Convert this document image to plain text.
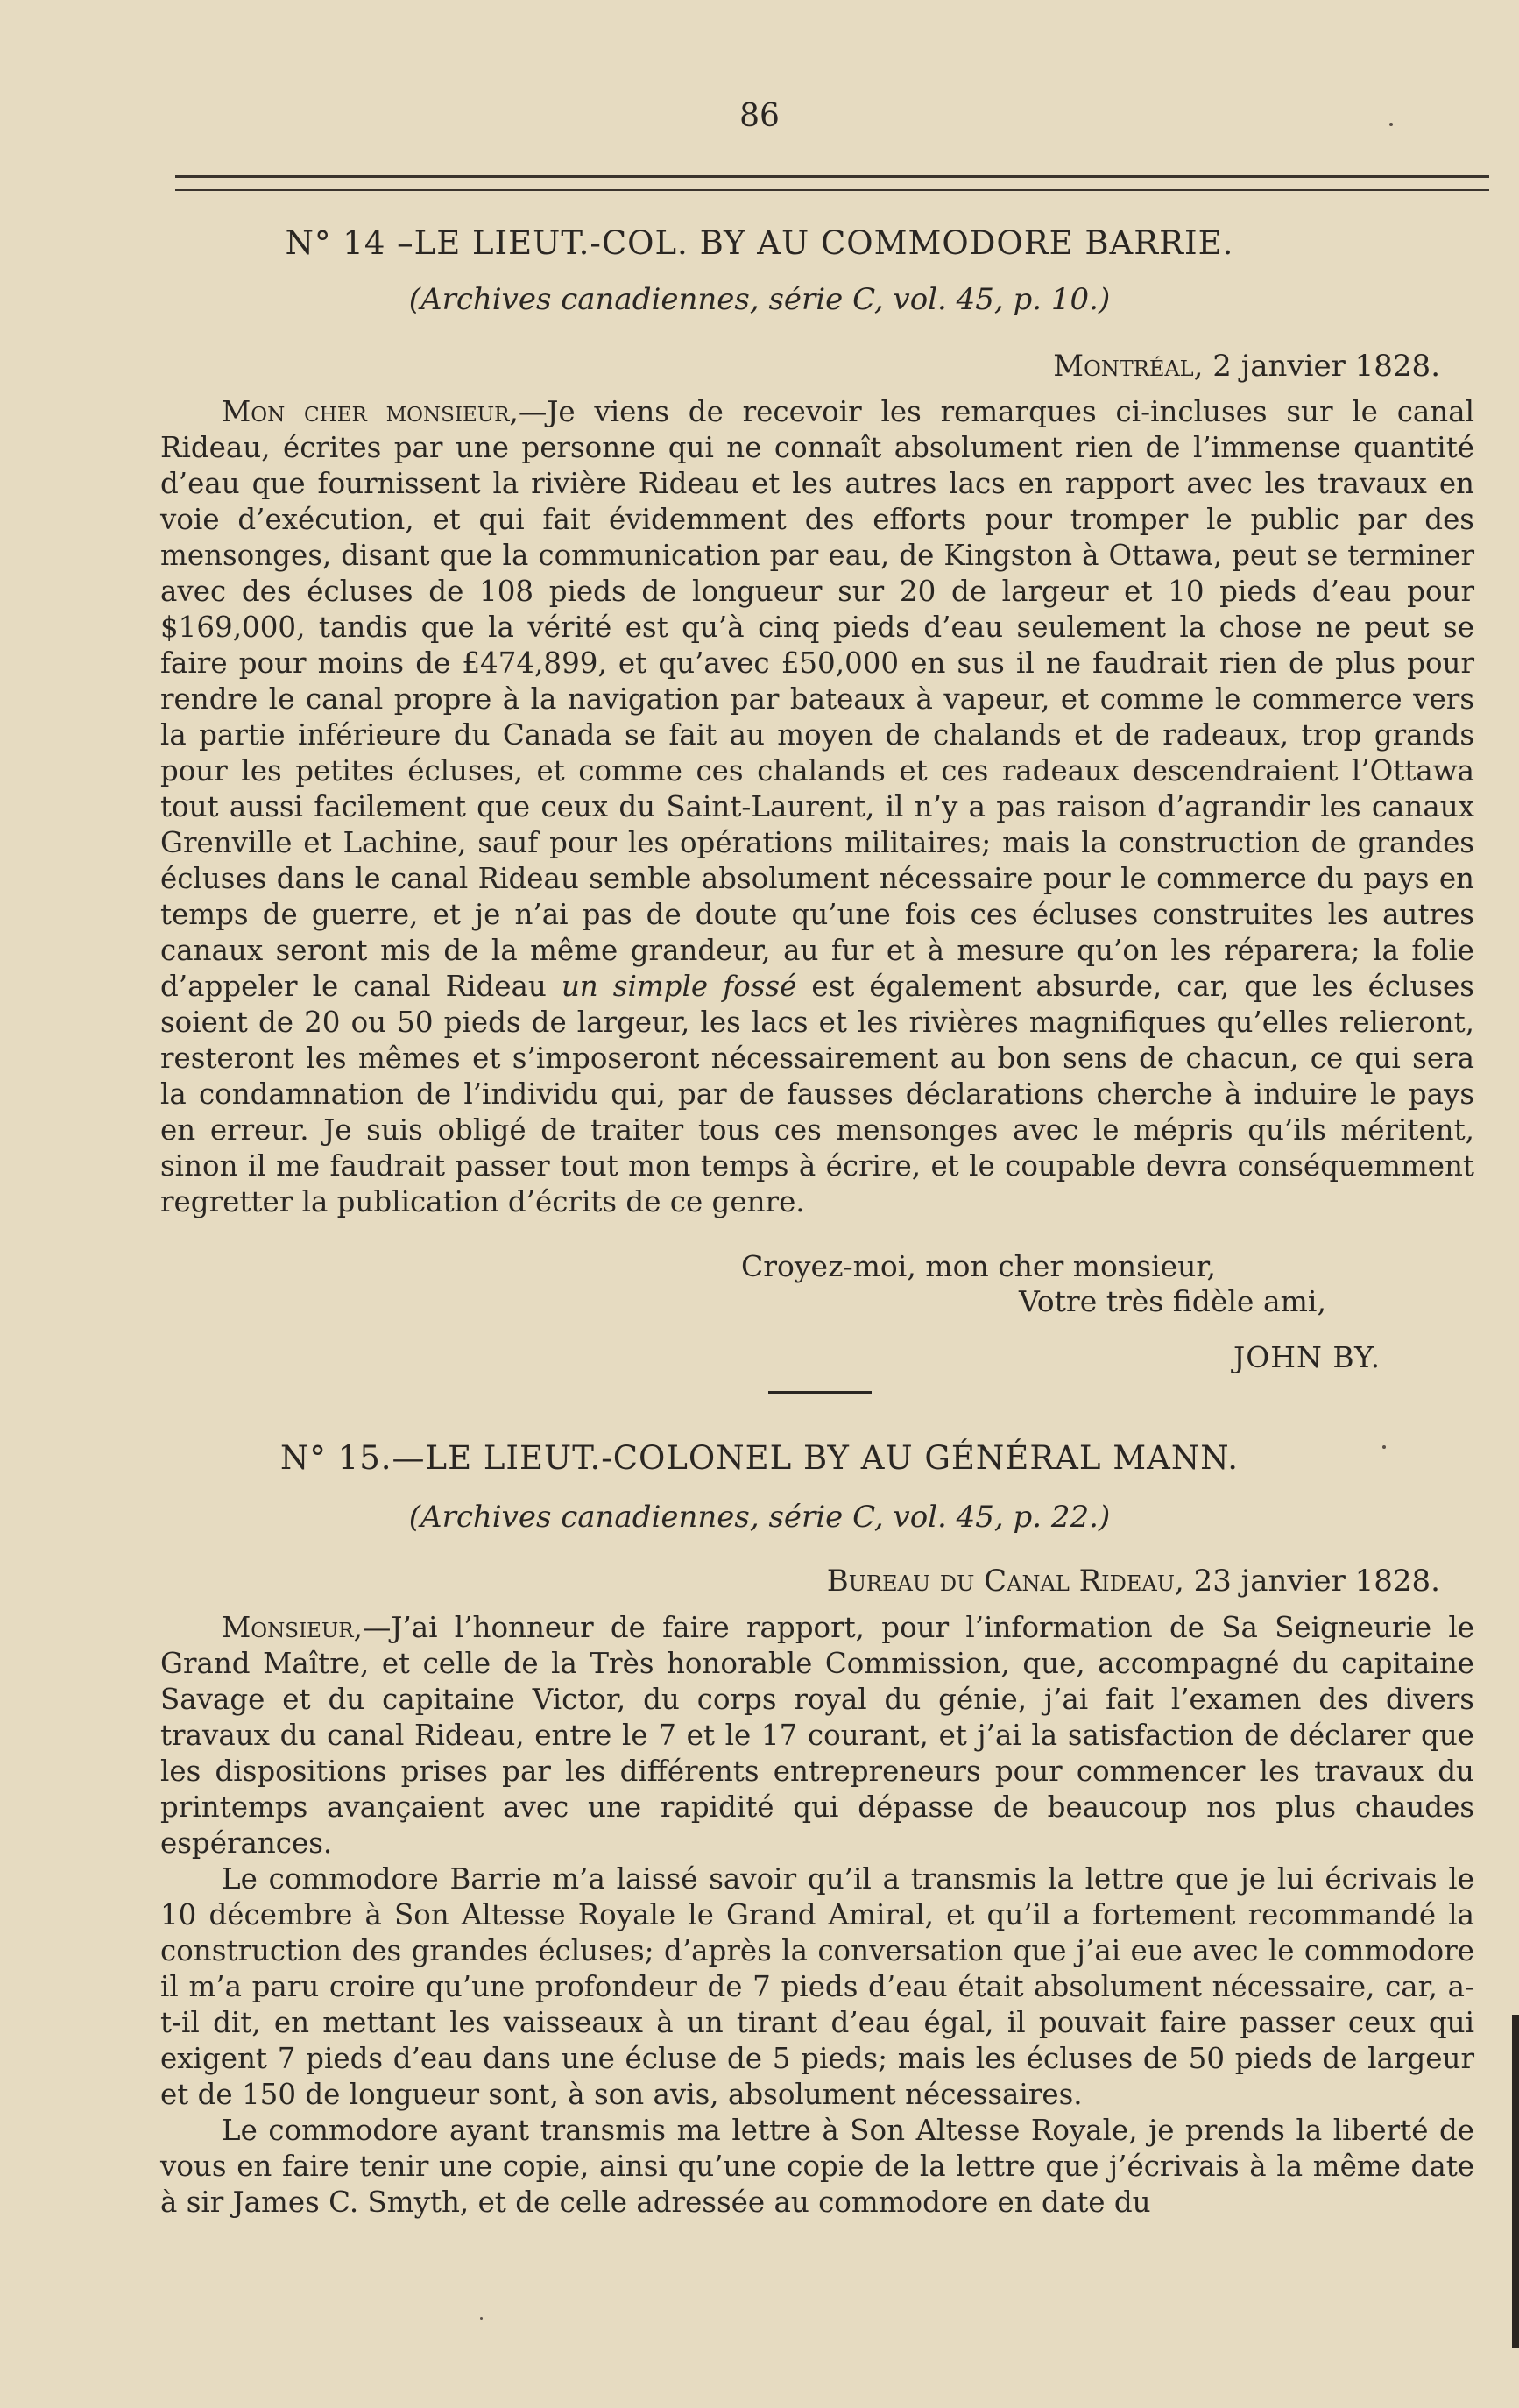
86
N° 14 –LE LIEUT.-COL. BY AU COMMODORE BARRIE.
(Archives canadiennes, série C, vol. 45, p. 10.)
Montréal, 2 janvier 1828.

Mon cher monsieur,—Je viens de recevoir les remarques ci-incluses sur le canal Rideau, écrites par une personne qui ne connaît absolument rien de l’immense quantité d’eau que fournissent la rivière Rideau et les autres lacs en rapport avec les travaux en voie d’exécution, et qui fait évidemment des efforts pour tromper le public par des mensonges, disant que la communication par eau, de Kingston à Ottawa, peut se terminer avec des écluses de 108 pieds de longueur sur 20 de largeur et 10 pieds d’eau pour $169,000, tandis que la vérité est qu’à cinq pieds d’eau seulement la chose ne peut se faire pour moins de £474,899, et qu’avec £50,000 en sus il ne faudrait rien de plus pour rendre le canal propre à la navigation par bateaux à vapeur, et comme le commerce vers la partie inférieure du Canada se fait au moyen de chalands et de radeaux, trop grands pour les petites écluses, et comme ces chalands et ces radeaux descendraient l’Ottawa tout aussi facilement que ceux du Saint-Laurent, il n’y a pas raison d’agrandir les canaux Grenville et Lachine, sauf pour les opérations militaires; mais la construction de grandes écluses dans le canal Rideau semble absolument nécessaire pour le commerce du pays en temps de guerre, et je n’ai pas de doute qu’une fois ces écluses construites les autres canaux seront mis de la même grandeur, au fur et à mesure qu’on les réparera; la folie d’appeler le canal Rideau un simple fossé est également absurde, car, que les écluses soient de 20 ou 50 pieds de largeur, les lacs et les rivières magnifiques qu’elles relieront, resteront les mêmes et s’imposeront nécessairement au bon sens de chacun, ce qui sera la condamnation de l’individu qui, par de fausses déclarations cherche à induire le pays en erreur. Je suis obligé de traiter tous ces mensonges avec le mépris qu’ils méritent, sinon il me faudrait passer tout mon temps à écrire, et le coupable devra conséquemment regretter la publication d’écrits de ce genre.

Croyez-moi, mon cher monsieur,
Votre très fidèle ami,
JOHN BY.
N° 15.—LE LIEUT.-COLONEL BY AU GÉNÉRAL MANN.
(Archives canadiennes, série C, vol. 45, p. 22.)
Bureau du Canal Rideau, 23 janvier 1828.

Monsieur,—J’ai l’honneur de faire rapport, pour l’information de Sa Seigneurie le Grand Maître, et celle de la Très honorable Commission, que, accompagné du capitaine Savage et du capitaine Victor, du corps royal du génie, j’ai fait l’examen des divers travaux du canal Rideau, entre le 7 et le 17 courant, et j’ai la satisfaction de déclarer que les dispositions prises par les différents entrepreneurs pour commencer les travaux du printemps avançaient avec une rapidité qui dépasse de beaucoup nos plus chaudes espérances.

Le commodore Barrie m’a laissé savoir qu’il a transmis la lettre que je lui écrivais le 10 décembre à Son Altesse Royale le Grand Amiral, et qu’il a fortement recommandé la construction des grandes écluses; d’après la conversation que j’ai eue avec le commodore il m’a paru croire qu’une profondeur de 7 pieds d’eau était absolument nécessaire, car, a-t-il dit, en mettant les vaisseaux à un tirant d’eau égal, il pouvait faire passer ceux qui exigent 7 pieds d’eau dans une écluse de 5 pieds; mais les écluses de 50 pieds de largeur et de 150 de longueur sont, à son avis, absolument nécessaires.

Le commodore ayant transmis ma lettre à Son Altesse Royale, je prends la liberté de vous en faire tenir une copie, ainsi qu’une copie de la lettre que j’écrivais à la même date à sir James C. Smyth, et de celle adressée au commodore en date du
